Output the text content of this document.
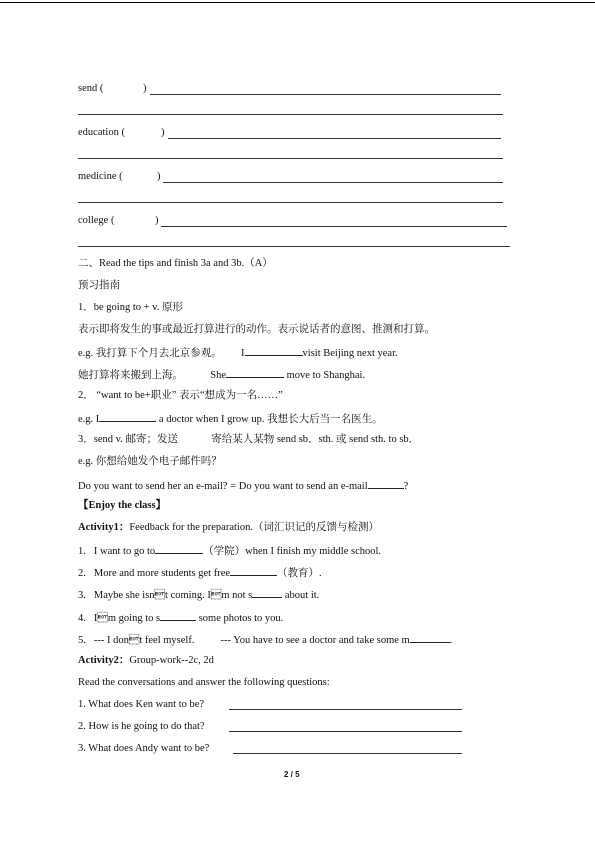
send (	)
education (	)
medicine (	)
college (	)
二、Read the tips and finish 3a and 3b.（A）
预习指南
1．be going to + v. 原形
表示即将发生的事或最近打算进行的动作。表示说话者的意图、推测和打算。
e.g. 我打算下个月去北京参观。 I	visit Beijing next year.
她打算将来搬到上海。	She	move to Shanghai.
2． “want to be+职业” 表示“想成为一名……”
e.g. I	a doctor when I grow up. 我想长大后当一名医生。
3．send v. 邮寄；发送	寄给某人某物 send sb．sth. 或 send sth. to sb．
e.g. 你想给她发个电子邮件吗？
Do you want to send her an e-mail? = Do you want to send an e-mail	?
【Enjoy the class】
Activity1：Feedback for the preparation.（词汇识记的反馈与检测）
1. I want to go to	（学院）when I finish my middle school.
2. More and more students get free	（教育）.
3. Maybe she isnt coming. Im not s	about it.
4. Im going to s	some photos to you.
5. --- I dont feel myself. --- You have to see a doctor and take some m	.
Activity2：Group-work--2c, 2d
Read the conversations and answer the following questions:
1. What does Ken want to be?
2. How is he going to do that?
3. What does Andy want to be?
2 / 5
